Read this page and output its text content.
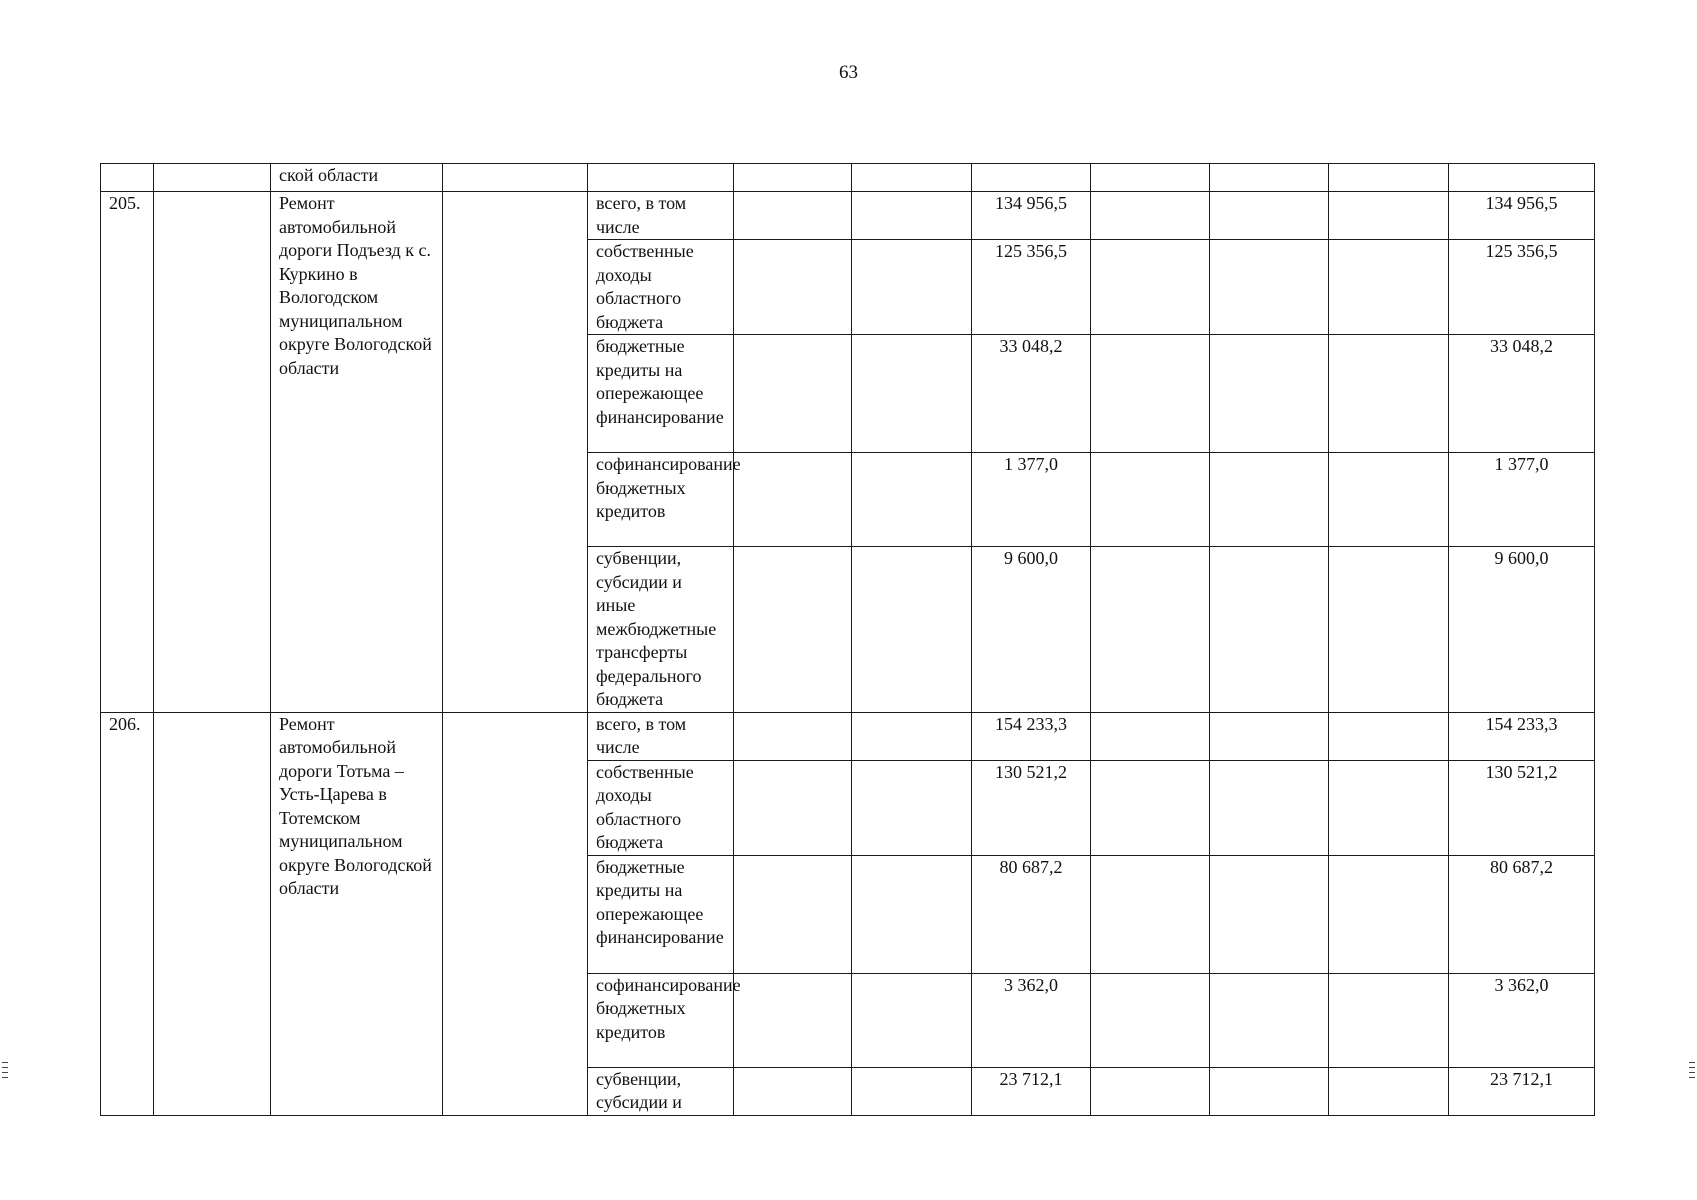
63
		ской области									
205.		Ремонт автомобильной дороги Подъезд к с. Куркино в Вологодском муниципальном округе Вологодской области		всего, в том числе			134 956,5				134 956,5
				собственные доходы областного бюджета			125 356,5				125 356,5
				бюджетные кредиты на опережающее финансирование			33 048,2				33 048,2
				софинансирование бюджетных кредитов			1 377,0				1 377,0
				субвенции, субсидии и иные межбюджетные трансферты федерального бюджета			9 600,0				9 600,0
206.		Ремонт автомобильной дороги Тотьма – Усть-Царева в Тотемском муниципальном округе Вологодской области		всего, в том числе			154 233,3				154 233,3
				собственные доходы областного бюджета			130 521,2				130 521,2
				бюджетные кредиты на опережающее финансирование			80 687,2				80 687,2
				софинансирование бюджетных кредитов			3 362,0				3 362,0
				субвенции, субсидии и			23 712,1				23 712,1
